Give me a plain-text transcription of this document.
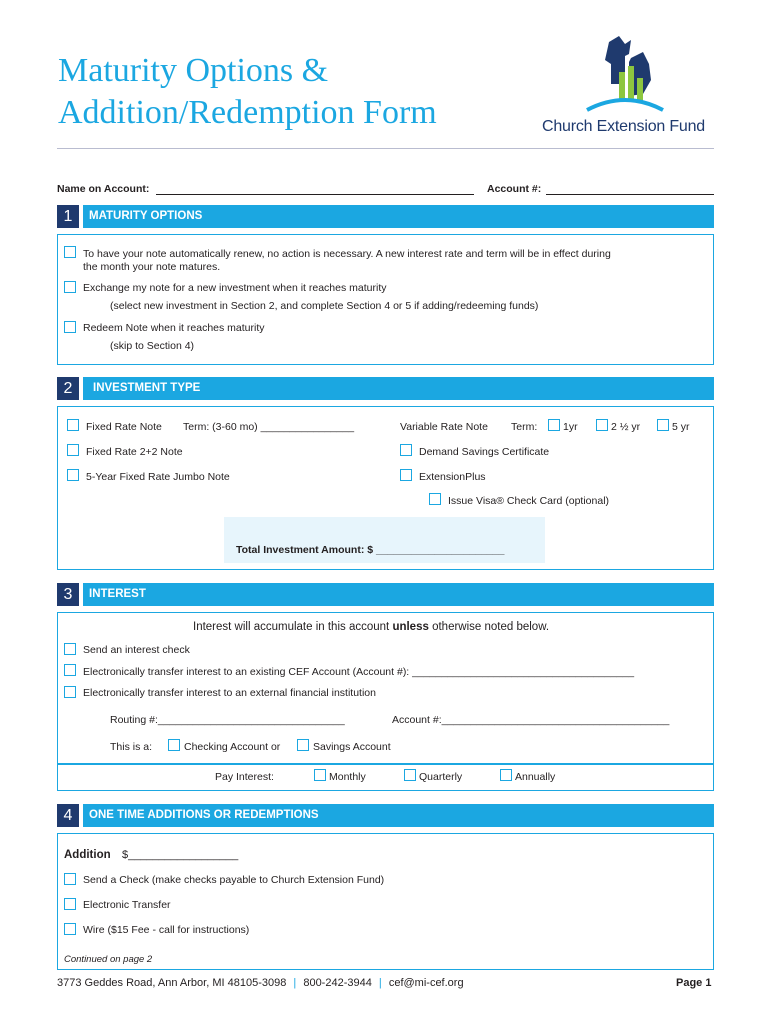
Maturity Options &
Addition/Redemption Form	Church Extension Fund
Name on Account:	Account #:
1	MATURITY OPTIONS
To have your note automatically renew, no action is necessary. A new interest rate and term will be in effect during
the month your note matures.
Exchange my note for a new investment when it reaches maturity
(select new investment in Section 2, and complete Section 4 or 5 if adding/redeeming funds)
Redeem Note when it reaches maturity
(skip to Section 4)
2	INVESTMENT TYPE
Fixed Rate Note Term: (3-60 mo) ________________	Variable Rate Note Term: 1yr	2 ½ yr	5 yr
Fixed Rate 2+2 Note	Demand Savings Certificate
5-Year Fixed Rate Jumbo Note	ExtensionPlus
Issue Visa® Check Card (optional)
Total Investment Amount: $ ______________________
3	INTEREST
Interest will accumulate in this account unless otherwise noted below.
Send an interest check
Electronically transfer interest to an existing CEF Account (Account #): ______________________________________
Electronically transfer interest to an external financial institution
Routing #:________________________________	Account #:_______________________________________
This is a:	Checking Account or	Savings Account
Pay Interest:	Monthly	Quarterly	Annually
4	ONE TIME ADDITIONS OR REDEMPTIONS
Addition $__________________
Send a Check (make checks payable to Church Extension Fund)
Electronic Transfer
Wire ($15 Fee - call for instructions)
Continued on page 2
3773 Geddes Road, Ann Arbor, MI 48105-3098 | 800-242-3944 | cef@mi-cef.org	Page 1
